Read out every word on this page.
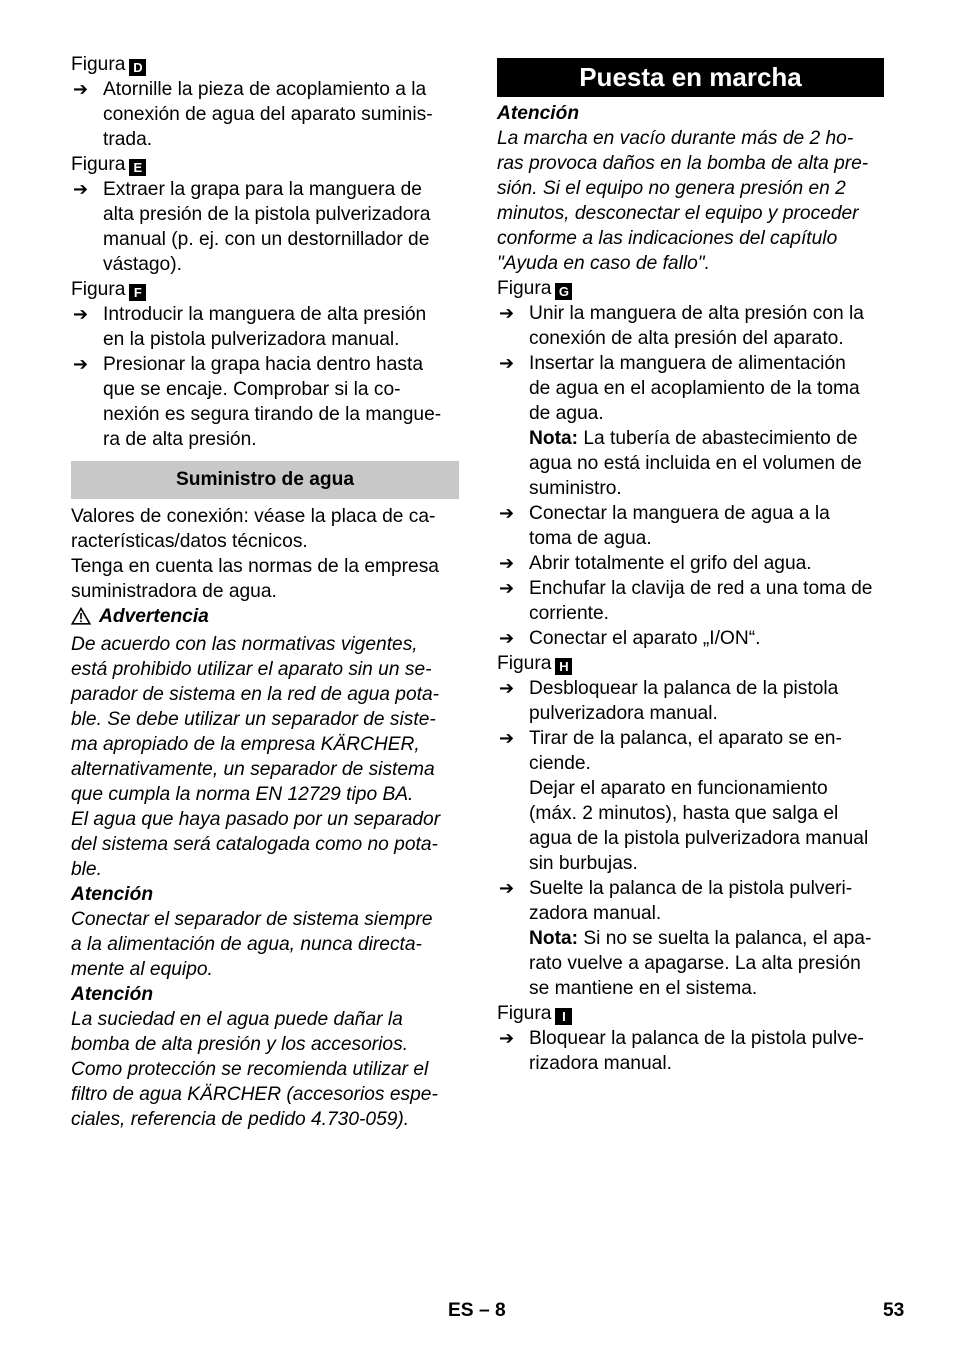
Figura D

➔ Atornille la pieza de acoplamiento a la
conexión de agua del aparato suminis-
trada.

Figura E

➔ Extraer la grapa para la manguera de
alta presión de la pistola pulverizadora
manual (p. ej. con un destornillador de
vástago).

Figura F

➔ Introducir la manguera de alta presión
en la pistola pulverizadora manual.
➔ Presionar la grapa hacia dentro hasta
que se encaje. Comprobar si la co-
nexión es segura tirando de la mangue-
ra de alta presión.
Suministro de agua

Valores de conexión: véase la placa de ca-
racterísticas/datos técnicos.

Tenga en cuenta las normas de la empresa
suministradora de agua.

Advertencia

De acuerdo con las normativas vigentes,
está prohibido utilizar el aparato sin un se-
parador de sistema en la red de agua pota-
ble. Se debe utilizar un separador de siste-
ma apropiado de la empresa KÄRCHER,
alternativamente, un separador de sistema
que cumpla la norma EN 12729 tipo BA.
El agua que haya pasado por un separador
del sistema será catalogada como no pota-
ble.

Atención

Conectar el separador de sistema siempre
a la alimentación de agua, nunca directa-
mente al equipo.

Atención

La suciedad en el agua puede dañar la
bomba de alta presión y los accesorios.
Como protección se recomienda utilizar el
filtro de agua KÄRCHER (accesorios espe-
ciales, referencia de pedido 4.730-059).

Puesta en marcha

Atención

La marcha en vacío durante más de 2 ho-
ras provoca daños en la bomba de alta pre-
sión. Si el equipo no genera presión en 2
minutos, desconectar el equipo y proceder
conforme a las indicaciones del capítulo
"Ayuda en caso de fallo".

Figura G

➔ Unir la manguera de alta presión con la
conexión de alta presión del aparato.
➔ Insertar la manguera de alimentación
de agua en el acoplamiento de la toma
de agua.
Nota: La tubería de abastecimiento de
agua no está incluida en el volumen de
suministro.
➔ Conectar la manguera de agua a la
toma de agua.
➔ Abrir totalmente el grifo del agua.
➔ Enchufar la clavija de red a una toma de
corriente.
➔ Conectar el aparato „I/ON“.

Figura H

➔ Desbloquear la palanca de la pistola
pulverizadora manual.
➔ Tirar de la palanca, el aparato se en-
ciende.
Dejar el aparato en funcionamiento
(máx. 2 minutos), hasta que salga el
agua de la pistola pulverizadora manual
sin burbujas.
➔ Suelte la palanca de la pistola pulveri-
zadora manual.
Nota: Si no se suelta la palanca, el apa-
rato vuelve a apagarse. La alta presión
se mantiene en el sistema.

Figura I

➔ Bloquear la palanca de la pistola pulve-
rizadora manual.
ES – 8	53
